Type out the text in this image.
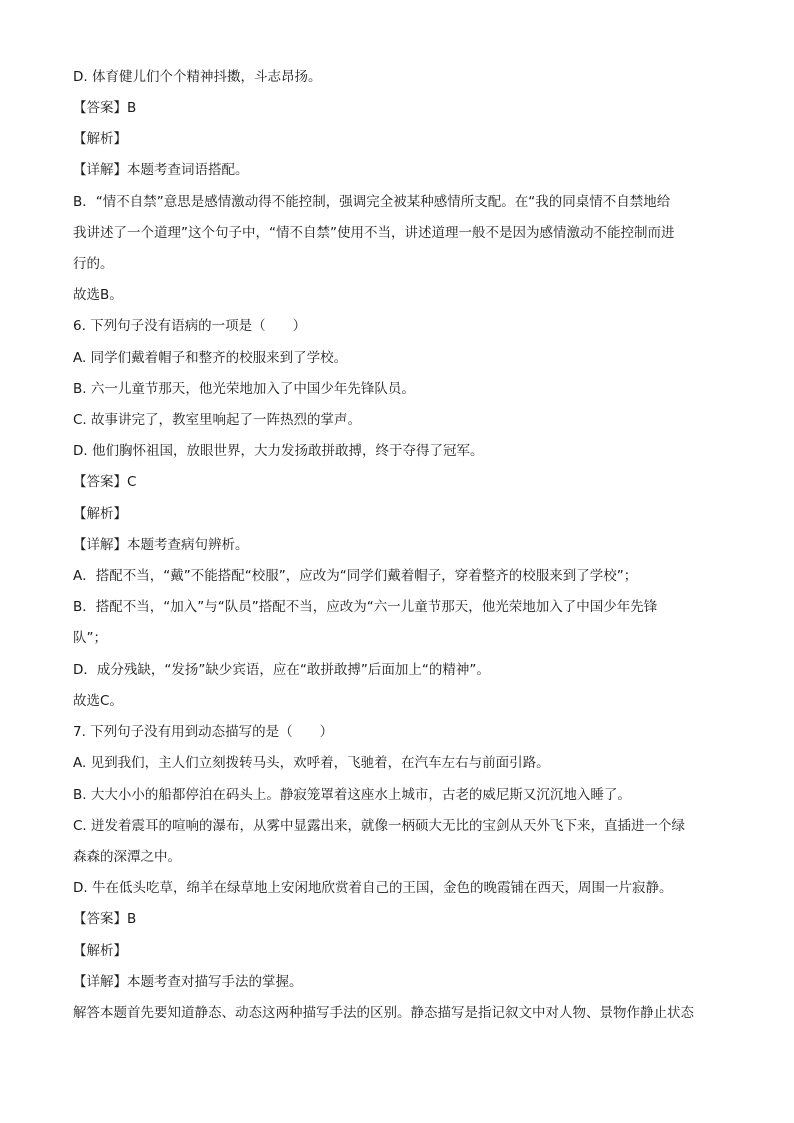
D. 体育健儿们个个精神抖擞，斗志昂扬。
【答案】B
【解析】
【详解】本题考查词语搭配。
B．“情不自禁”意思是感情激动得不能控制，强调完全被某种感情所支配。在“我的同桌情不自禁地给
我讲述了一个道理”这个句子中，“情不自禁”使用不当，讲述道理一般不是因为感情激动不能控制而进
行的。
故选B。
6. 下列句子没有语病的一项是（　　）
A. 同学们戴着帽子和整齐的校服来到了学校。
B. 六一儿童节那天，他光荣地加入了中国少年先锋队员。
C. 故事讲完了，教室里响起了一阵热烈的掌声。
D. 他们胸怀祖国，放眼世界，大力发扬敢拼敢搏，终于夺得了冠军。
【答案】C
【解析】
【详解】本题考查病句辨析。
A．搭配不当，“戴”不能搭配“校服”，应改为“同学们戴着帽子，穿着整齐的校服来到了学校”；
B．搭配不当，“加入”与“队员”搭配不当，应改为“六一儿童节那天，他光荣地加入了中国少年先锋
队”；
D．成分残缺，“发扬”缺少宾语，应在“敢拼敢搏”后面加上“的精神”。
故选C。
7. 下列句子没有用到动态描写的是（　　）
A. 见到我们，主人们立刻拨转马头，欢呼着，飞驰着，在汽车左右与前面引路。
B. 大大小小的船都停泊在码头上。静寂笼罩着这座水上城市，古老的威尼斯又沉沉地入睡了。
C. 迸发着震耳的喧响的瀑布，从雾中显露出来，就像一柄硕大无比的宝剑从天外飞下来，直插进一个绿
森森的深潭之中。
D. 牛在低头吃草，绵羊在绿草地上安闲地欣赏着自己的王国，金色的晚霞铺在西天，周围一片寂静。
【答案】B
【解析】
【详解】本题考查对描写手法的掌握。
解答本题首先要知道静态、动态这两种描写手法的区别。静态描写是指记叙文中对人物、景物作静止状态
